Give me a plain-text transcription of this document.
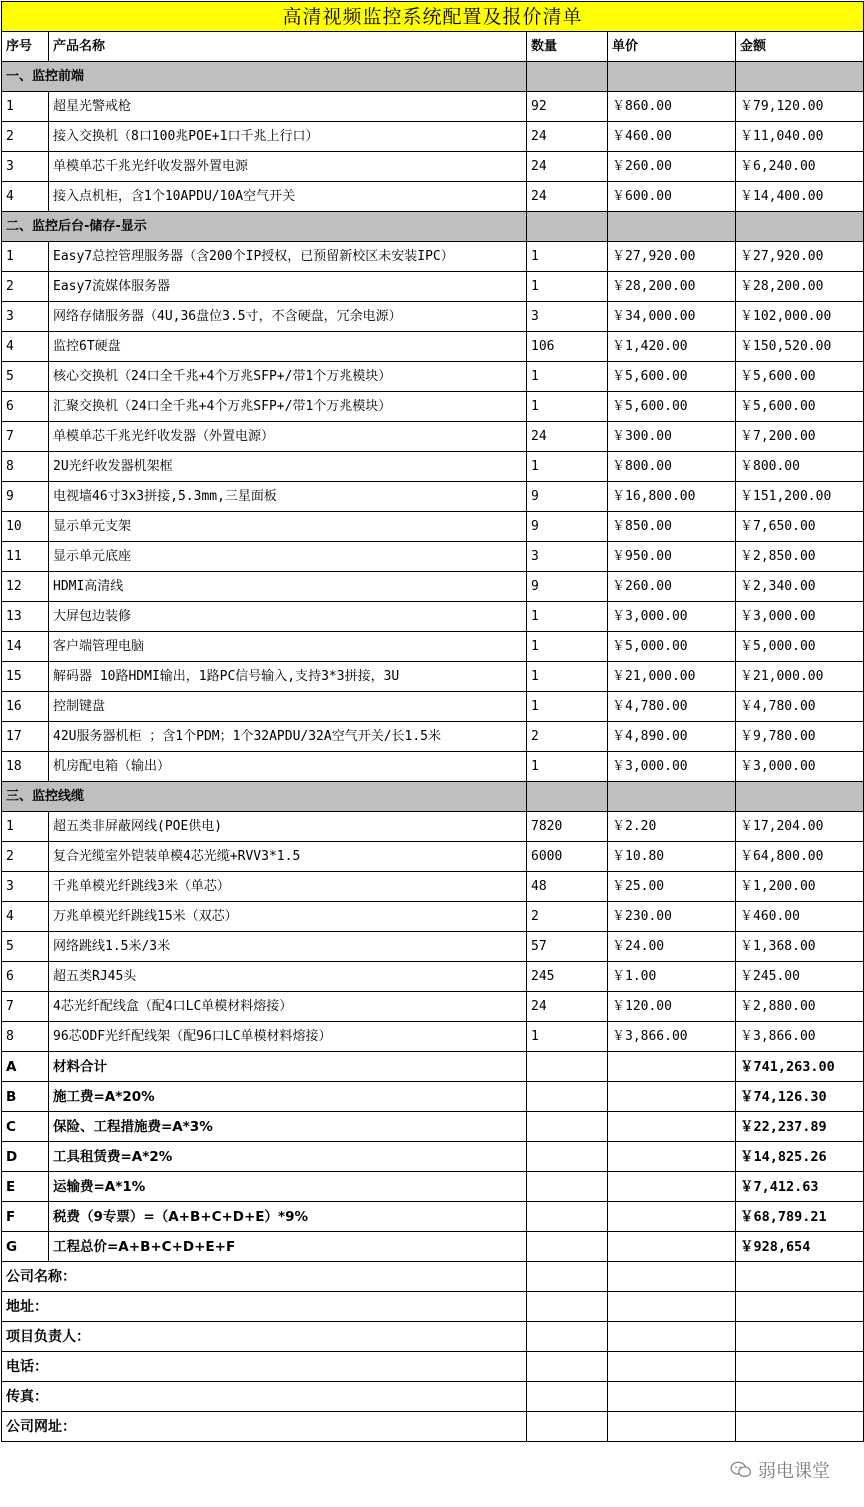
高清视频监控系统配置及报价清单				
序号	产品名称	数量	单价	金额
一、监控前端				
1	超星光警戒枪	92	￥860.00	￥79,120.00
2	接入交换机（8口100兆POE+1口千兆上行口）	24	￥460.00	￥11,040.00
3	单模单芯千兆光纤收发器外置电源	24	￥260.00	￥6,240.00
4	接入点机柜，含1个10APDU/10A空气开关	24	￥600.00	￥14,400.00
二、监控后台-储存-显示				
1	Easy7总控管理服务器（含200个IP授权，已预留新校区未安装IPC）	1	￥27,920.00	￥27,920.00
2	Easy7流媒体服务器	1	￥28,200.00	￥28,200.00
3	网络存储服务器（4U,36盘位3.5寸，不含硬盘，冗余电源）	3	￥34,000.00	￥102,000.00
4	监控6T硬盘	106	￥1,420.00	￥150,520.00
5	核心交换机（24口全千兆+4个万兆SFP+/带1个万兆模块）	1	￥5,600.00	￥5,600.00
6	汇聚交换机（24口全千兆+4个万兆SFP+/带1个万兆模块）	1	￥5,600.00	￥5,600.00
7	单模单芯千兆光纤收发器（外置电源）	24	￥300.00	￥7,200.00
8	2U光纤收发器机架框	1	￥800.00	￥800.00
9	电视墙46寸3x3拼接,5.3mm,三星面板	9	￥16,800.00	￥151,200.00
10	显示单元支架	9	￥850.00	￥7,650.00
11	显示单元底座	3	￥950.00	￥2,850.00
12	HDMI高清线	9	￥260.00	￥2,340.00
13	大屏包边装修	1	￥3,000.00	￥3,000.00
14	客户端管理电脑	1	￥5,000.00	￥5,000.00
15	解码器 10路HDMI输出，1路PC信号输入,支持3*3拼接，3U	1	￥21,000.00	￥21,000.00
16	控制键盘	1	￥4,780.00	￥4,780.00
17	42U服务器机柜 ；含1个PDM；1个32APDU/32A空气开关/长1.5米	2	￥4,890.00	￥9,780.00
18	机房配电箱（输出）	1	￥3,000.00	￥3,000.00
三、监控线缆				
1	超五类非屏蔽网线(POE供电)	7820	￥2.20	￥17,204.00
2	复合光缆室外铠装单模4芯光缆+RVV3*1.5	6000	￥10.80	￥64,800.00
3	千兆单模光纤跳线3米（单芯）	48	￥25.00	￥1,200.00
4	万兆单模光纤跳线15米（双芯）	2	￥230.00	￥460.00
5	网络跳线1.5米/3米	57	￥24.00	￥1,368.00
6	超五类RJ45头	245	￥1.00	￥245.00
7	4芯光纤配线盒（配4口LC单模材料熔接）	24	￥120.00	￥2,880.00
8	96芯ODF光纤配线架（配96口LC单模材料熔接）	1	￥3,866.00	￥3,866.00
A	材料合计			￥741,263.00
B	施工费=A*20%			￥74,126.30
C	保险、工程措施费=A*3%			￥22,237.89
D	工具租赁费=A*2%			￥14,825.26
E	运输费=A*1%			￥7,412.63
F	税费（9专票）=（A+B+C+D+E）*9%			￥68,789.21
G	工程总价=A+B+C+D+E+F			￥928,654
公司名称：				
地址：				
项目负责人：				
电话：				
传真：				
公司网址：				
弱电课堂
